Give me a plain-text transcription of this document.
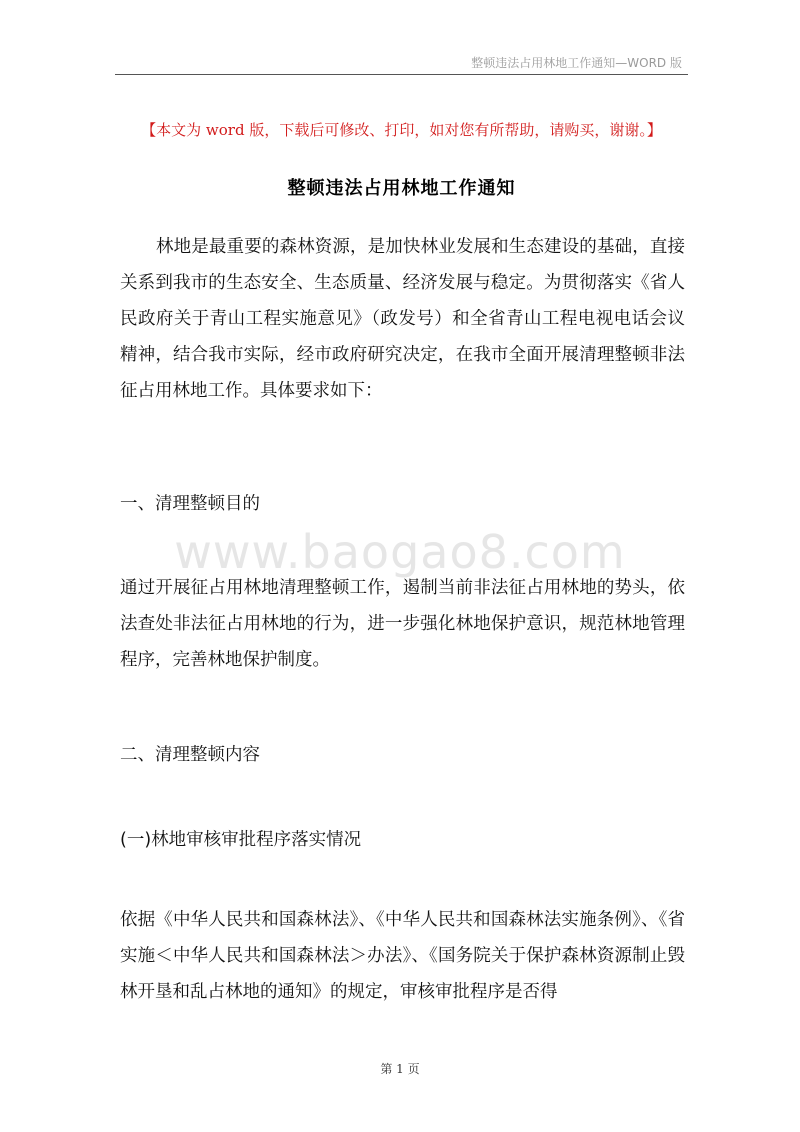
整顿违法占用林地工作通知—WORD 版
【本文为 word 版，下载后可修改、打印，如对您有所帮助，请购买，谢谢。】
整顿违法占用林地工作通知
林地是最重要的森林资源，是加快林业发展和生态建设的基础，直接关系到我市的生态安全、生态质量、经济发展与稳定。为贯彻落实《省人民政府关于青山工程实施意见》（政发号）和全省青山工程电视电话会议精神，结合我市实际，经市政府研究决定，在我市全面开展清理整顿非法征占用林地工作。具体要求如下：
一、清理整顿目的
www.baogao8.com
通过开展征占用林地清理整顿工作，遏制当前非法征占用林地的势头，依法查处非法征占用林地的行为，进一步强化林地保护意识，规范林地管理程序，完善林地保护制度。
二、清理整顿内容
(一)林地审核审批程序落实情况
依据《中华人民共和国森林法》、《中华人民共和国森林法实施条例》、《省实施＜中华人民共和国森林法＞办法》、《国务院关于保护森林资源制止毁林开垦和乱占林地的通知》的规定，审核审批程序是否得
第 1 页
